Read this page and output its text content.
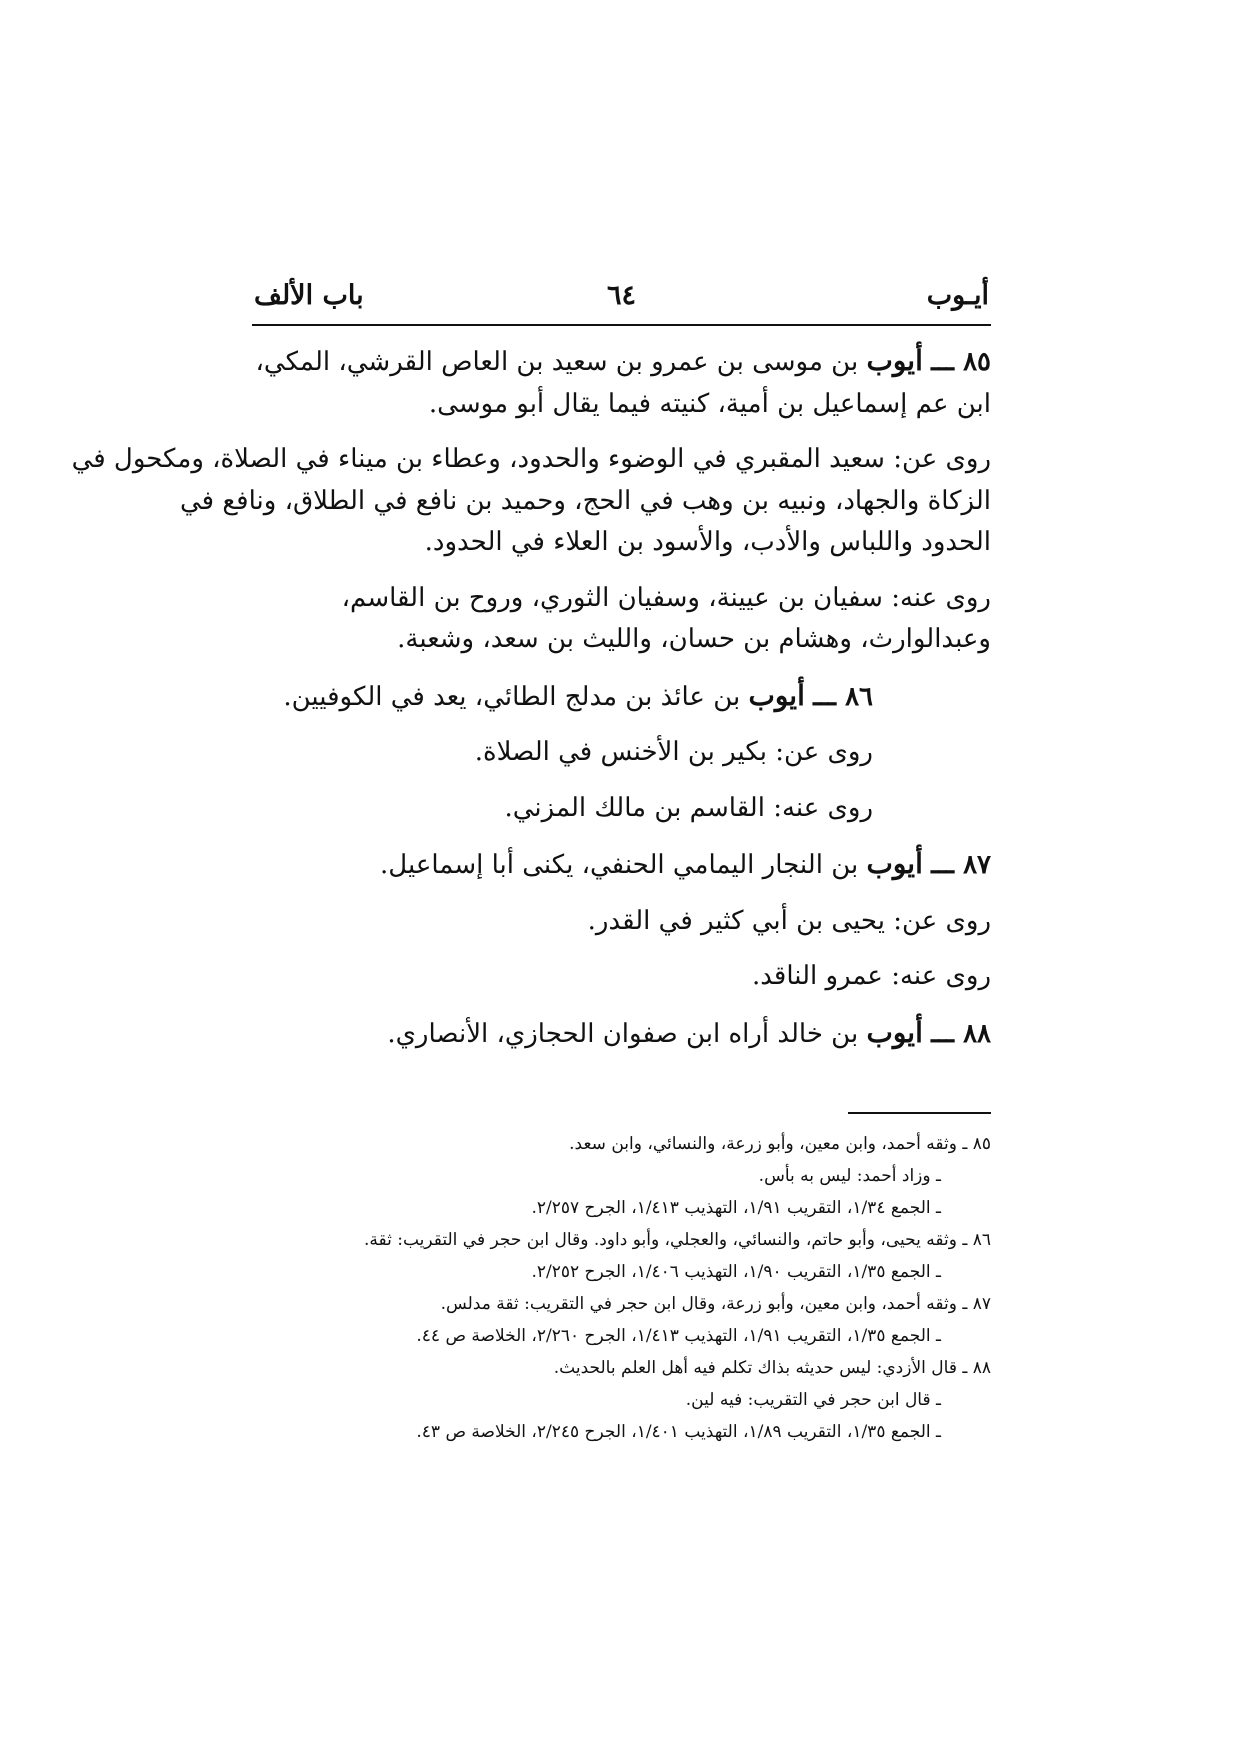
أيـوب
٦٤
باب الألف
٨٥ ـــ أيوب بن موسى بن عمرو بن سعيد بن العاص القرشي، المكي،
ابن عم إسماعيل بن أمية، كنيته فيما يقال أبو موسى.
روى عن: سعيد المقبري في الوضوء والحدود، وعطاء بن ميناء في الصلاة، ومكحول في
الزكاة والجهاد، ونبيه بن وهب في الحج، وحميد بن نافع في الطلاق، ونافع في
الحدود واللباس والأدب، والأسود بن العلاء في الحدود.
روى عنه: سفيان بن عيينة، وسفيان الثوري، وروح بن القاسم،
وعبدالوارث، وهشام بن حسان، والليث بن سعد، وشعبة.
٨٦ ـــ أيوب بن عائذ بن مدلج الطائي، يعد في الكوفيين.
روى عن: بكير بن الأخنس في الصلاة.
روى عنه: القاسم بن مالك المزني.
٨٧ ـــ أيوب بن النجار اليمامي الحنفي، يكنى أبا إسماعيل.
روى عن: يحيى بن أبي كثير في القدر.
روى عنه: عمرو الناقد.
٨٨ ـــ أيوب بن خالد أراه ابن صفوان الحجازي، الأنصاري.
٨٥ ـ وثقه أحمد، وابن معين، وأبو زرعة، والنسائي، وابن سعد.
ـ وزاد أحمد: ليس به بأس.
ـ الجمع ١/٣٤، التقريب ١/٩١، التهذيب ١/٤١٣، الجرح ٢/٢٥٧.
٨٦ ـ وثقه يحيى، وأبو حاتم، والنسائي، والعجلي، وأبو داود. وقال ابن حجر في التقريب: ثقة.
ـ الجمع ١/٣٥، التقريب ١/٩٠، التهذيب ١/٤٠٦، الجرح ٢/٢٥٢.
٨٧ ـ وثقه أحمد، وابن معين، وأبو زرعة، وقال ابن حجر في التقريب: ثقة مدلس.
ـ الجمع ١/٣٥، التقريب ١/٩١، التهذيب ١/٤١٣، الجرح ٢/٢٦٠، الخلاصة ص ٤٤.
٨٨ ـ قال الأزدي: ليس حديثه بذاك تكلم فيه أهل العلم بالحديث.
ـ قال ابن حجر في التقريب: فيه لين.
ـ الجمع ١/٣٥، التقريب ١/٨٩، التهذيب ١/٤٠١، الجرح ٢/٢٤٥، الخلاصة ص ٤٣.
